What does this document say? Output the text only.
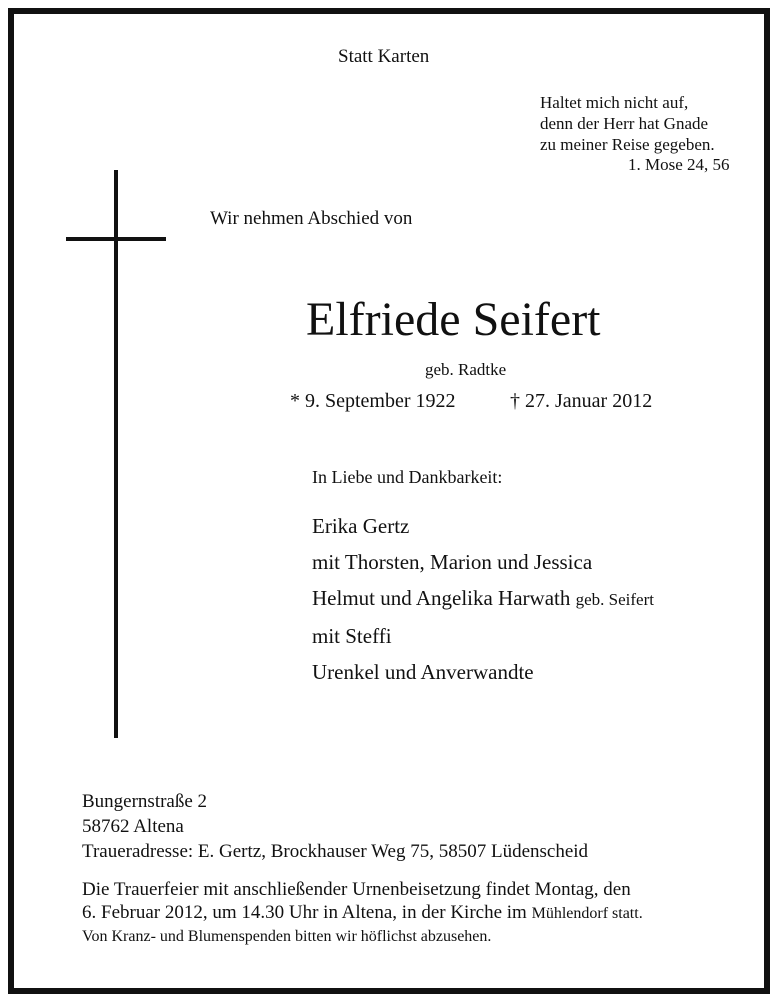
Statt Karten
Haltet mich nicht auf,
denn der Herr hat Gnade
zu meiner Reise gegeben.
1. Mose 24, 56
Wir nehmen Abschied von
Elfriede Seifert
geb. Radtke
* 9. September 1922	† 27. Januar 2012
In Liebe und Dankbarkeit:
Erika Gertz
mit Thorsten, Marion und Jessica
Helmut und Angelika Harwath geb. Seifert
mit Steffi
Urenkel und Anverwandte
Bungernstraße 2
58762 Altena
Traueradresse: E. Gertz, Brockhauser Weg 75, 58507 Lüdenscheid
Die Trauerfeier mit anschließender Urnenbeisetzung findet Montag, den
6. Februar 2012, um 14.30 Uhr in Altena, in der Kirche im Mühlendorf statt.
Von Kranz- und Blumenspenden bitten wir höflichst abzusehen.
